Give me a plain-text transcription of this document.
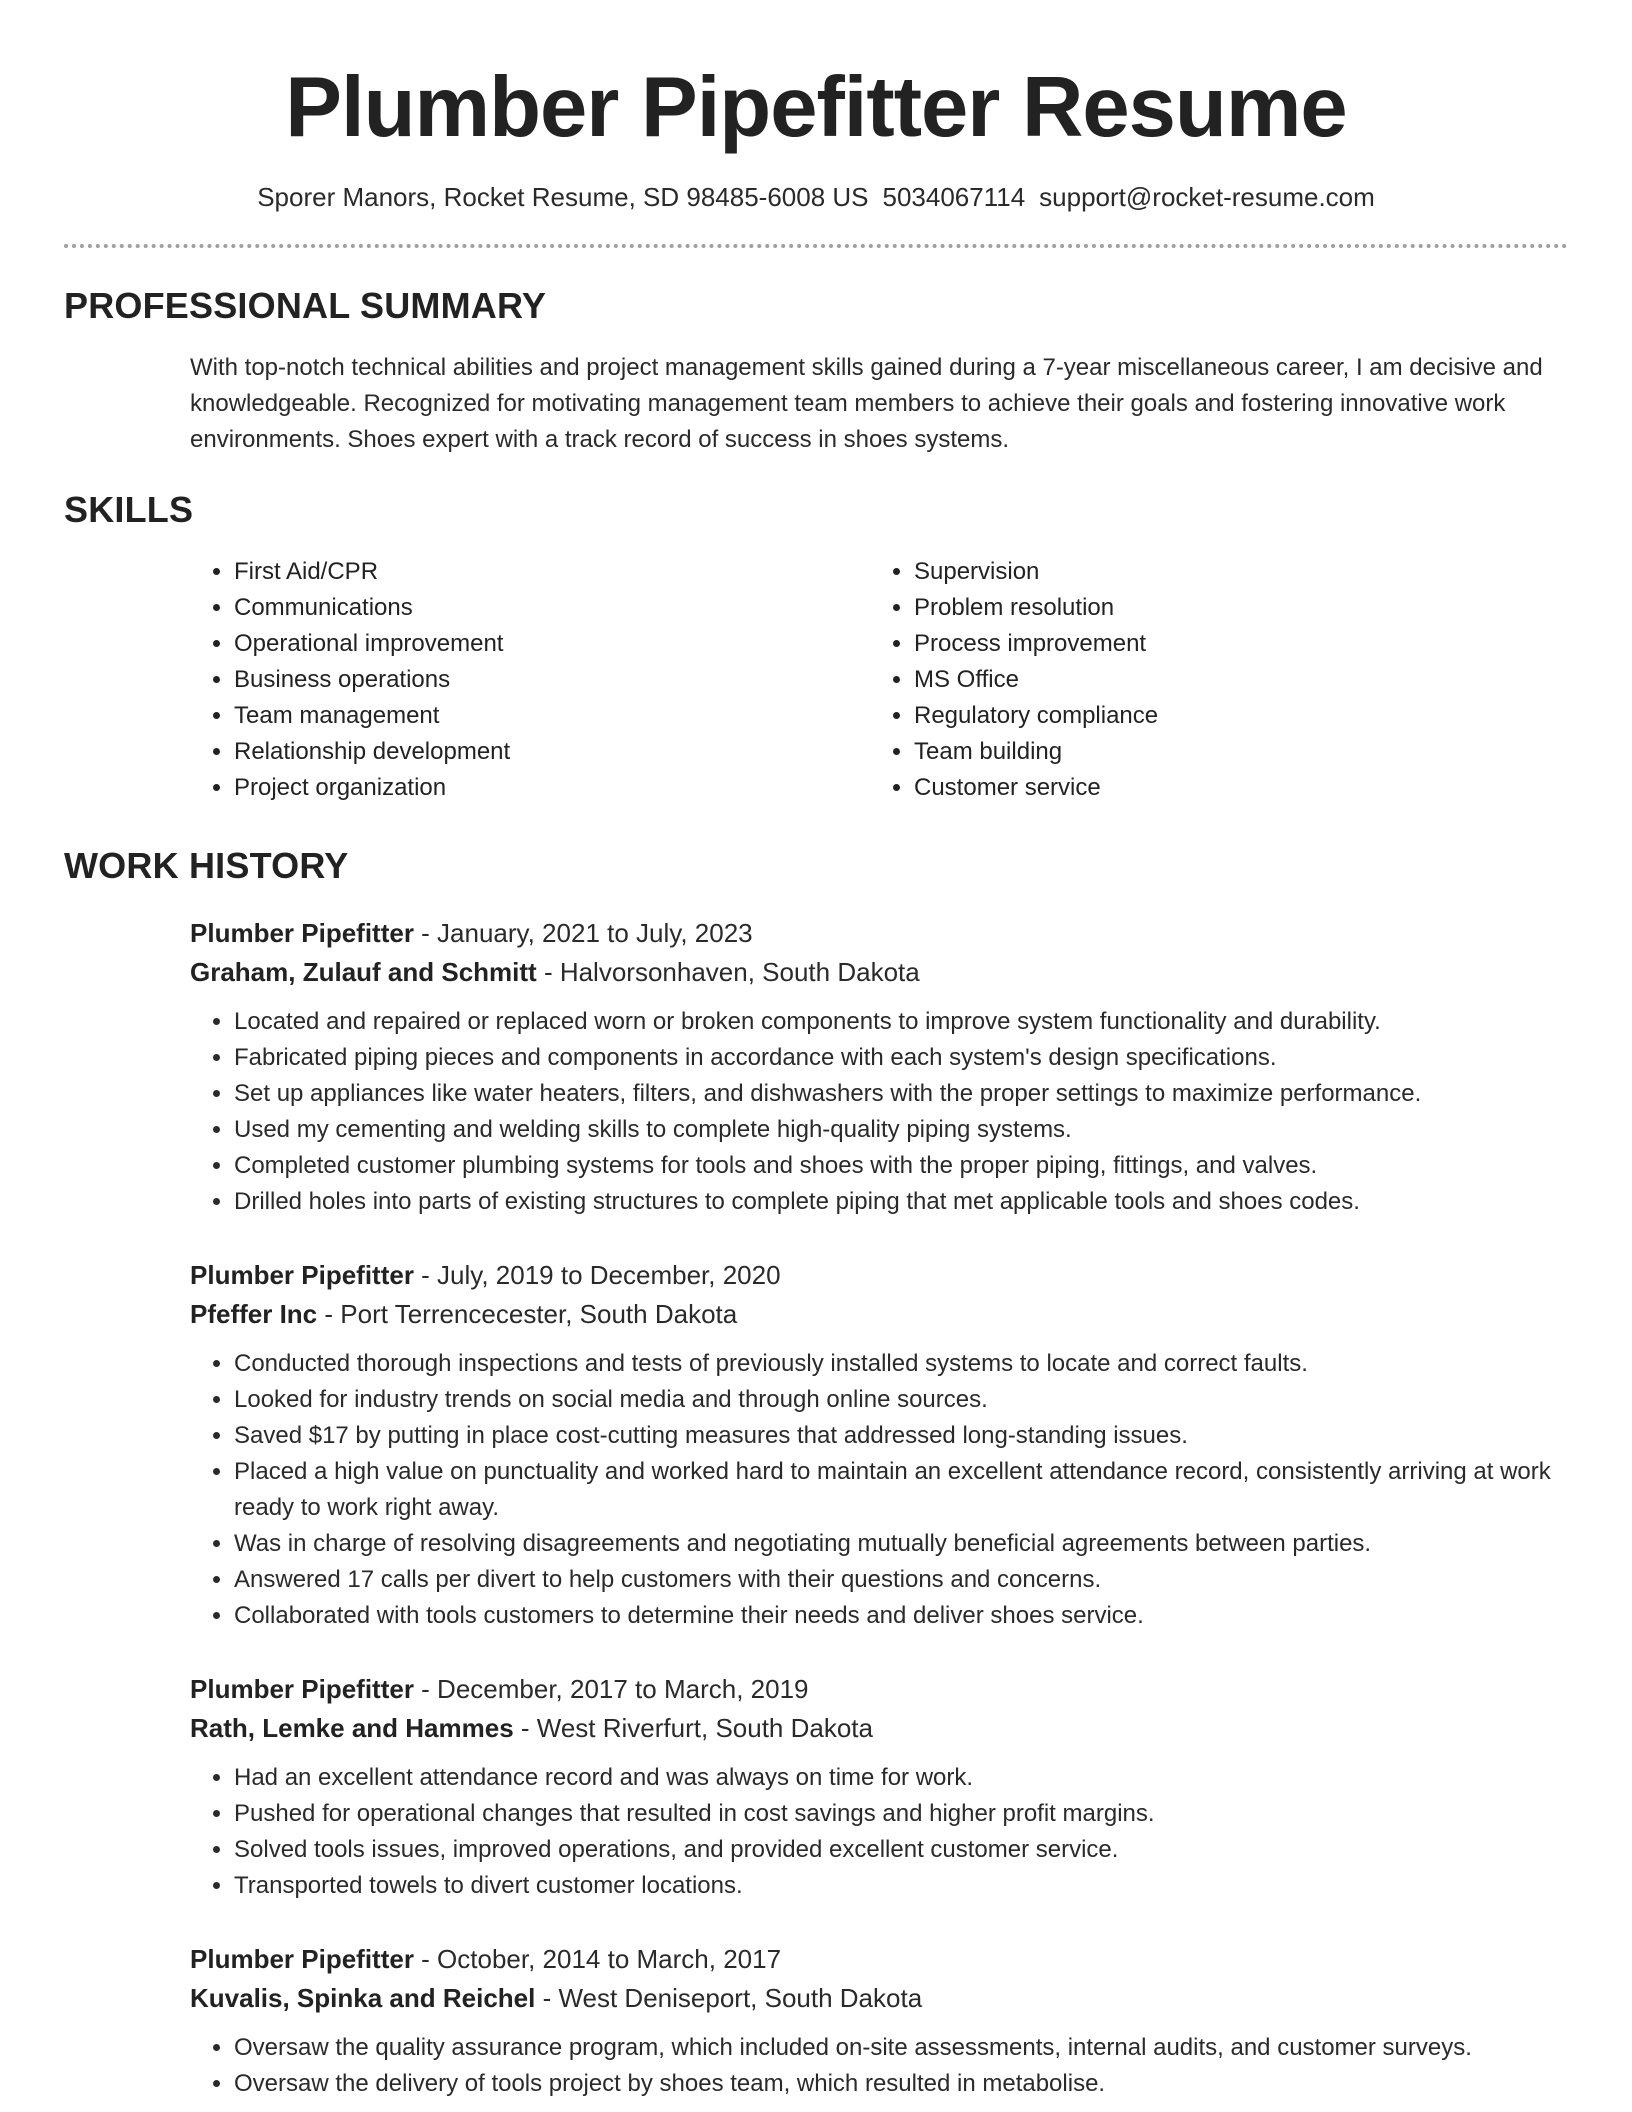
Plumber Pipefitter Resume
Sporer Manors, Rocket Resume, SD 98485-6008 US 5034067114 support@rocket-resume.com
PROFESSIONAL SUMMARY

With top-notch technical abilities and project management skills gained during a 7-year miscellaneous career, I am decisive and knowledgeable. Recognized for motivating management team members to achieve their goals and fostering innovative work environments. Shoes expert with a track record of success in shoes systems.

SKILLS
• First Aid/CPR
• Communications
• Operational improvement
• Business operations
• Team management
• Relationship development
• Project organization
• Supervision
• Problem resolution
• Process improvement
• MS Office
• Regulatory compliance
• Team building
• Customer service
WORK HISTORY
Plumber Pipefitter - January, 2021 to July, 2023
Graham, Zulauf and Schmitt - Halvorsonhaven, South Dakota
• Located and repaired or replaced worn or broken components to improve system functionality and durability.
• Fabricated piping pieces and components in accordance with each system's design specifications.
• Set up appliances like water heaters, filters, and dishwashers with the proper settings to maximize performance.
• Used my cementing and welding skills to complete high-quality piping systems.
• Completed customer plumbing systems for tools and shoes with the proper piping, fittings, and valves.
• Drilled holes into parts of existing structures to complete piping that met applicable tools and shoes codes.
Plumber Pipefitter - July, 2019 to December, 2020
Pfeffer Inc - Port Terrencecester, South Dakota
• Conducted thorough inspections and tests of previously installed systems to locate and correct faults.
• Looked for industry trends on social media and through online sources.
• Saved $17 by putting in place cost-cutting measures that addressed long-standing issues.
• Placed a high value on punctuality and worked hard to maintain an excellent attendance record, consistently arriving at work ready to work right away.
• Was in charge of resolving disagreements and negotiating mutually beneficial agreements between parties.
• Answered 17 calls per divert to help customers with their questions and concerns.
• Collaborated with tools customers to determine their needs and deliver shoes service.
Plumber Pipefitter - December, 2017 to March, 2019
Rath, Lemke and Hammes - West Riverfurt, South Dakota
• Had an excellent attendance record and was always on time for work.
• Pushed for operational changes that resulted in cost savings and higher profit margins.
• Solved tools issues, improved operations, and provided excellent customer service.
• Transported towels to divert customer locations.
Plumber Pipefitter - October, 2014 to March, 2017
Kuvalis, Spinka and Reichel - West Deniseport, South Dakota
• Oversaw the quality assurance program, which included on-site assessments, internal audits, and customer surveys.
• Oversaw the delivery of tools project by shoes team, which resulted in metabolise.
